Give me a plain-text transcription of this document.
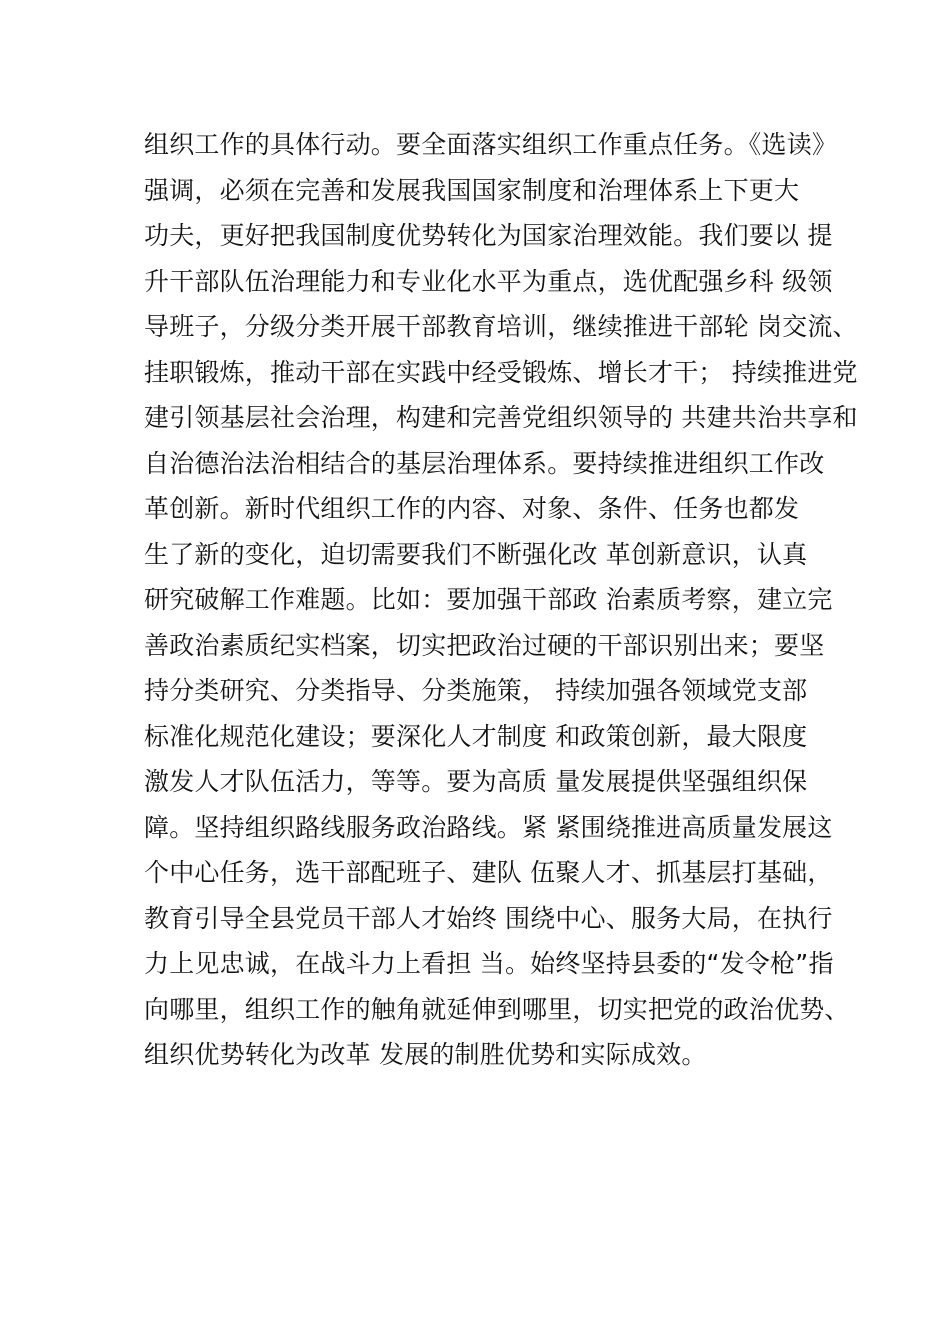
组织工作的具体行动。要全面落实组织工作重点任务。《选读》
强调，必须在完善和发展我国国家制度和治理体系上下更大
功夫，更好把我国制度优势转化为国家治理效能。我们要以 提
升干部队伍治理能力和专业化水平为重点，选优配强乡科 级领
导班子，分级分类开展干部教育培训，继续推进干部轮 岗交流、
挂职锻炼，推动干部在实践中经受锻炼、增长才干； 持续推进党
建引领基层社会治理，构建和完善党组织领导的 共建共治共享和
自治德治法治相结合的基层治理体系。要持续推进组织工作改
革创新。新时代组织工作的内容、对象、条件、任务也都发
生了新的变化，迫切需要我们不断强化改 革创新意识，认真
研究破解工作难题。比如：要加强干部政 治素质考察，建立完
善政治素质纪实档案，切实把政治过硬的干部识别出来；要坚
持分类研究、分类指导、分类施策， 持续加强各领域党支部
标准化规范化建设；要深化人才制度 和政策创新，最大限度
激发人才队伍活力，等等。要为高质 量发展提供坚强组织保
障。坚持组织路线服务政治路线。紧 紧围绕推进高质量发展这
个中心任务，选干部配班子、建队 伍聚人才、抓基层打基础，
教育引导全县党员干部人才始终 围绕中心、服务大局，在执行
力上见忠诚，在战斗力上看担 当。始终坚持县委的“发令枪”指
向哪里，组织工作的触角就延伸到哪里，切实把党的政治优势、
组织优势转化为改革 发展的制胜优势和实际成效。
